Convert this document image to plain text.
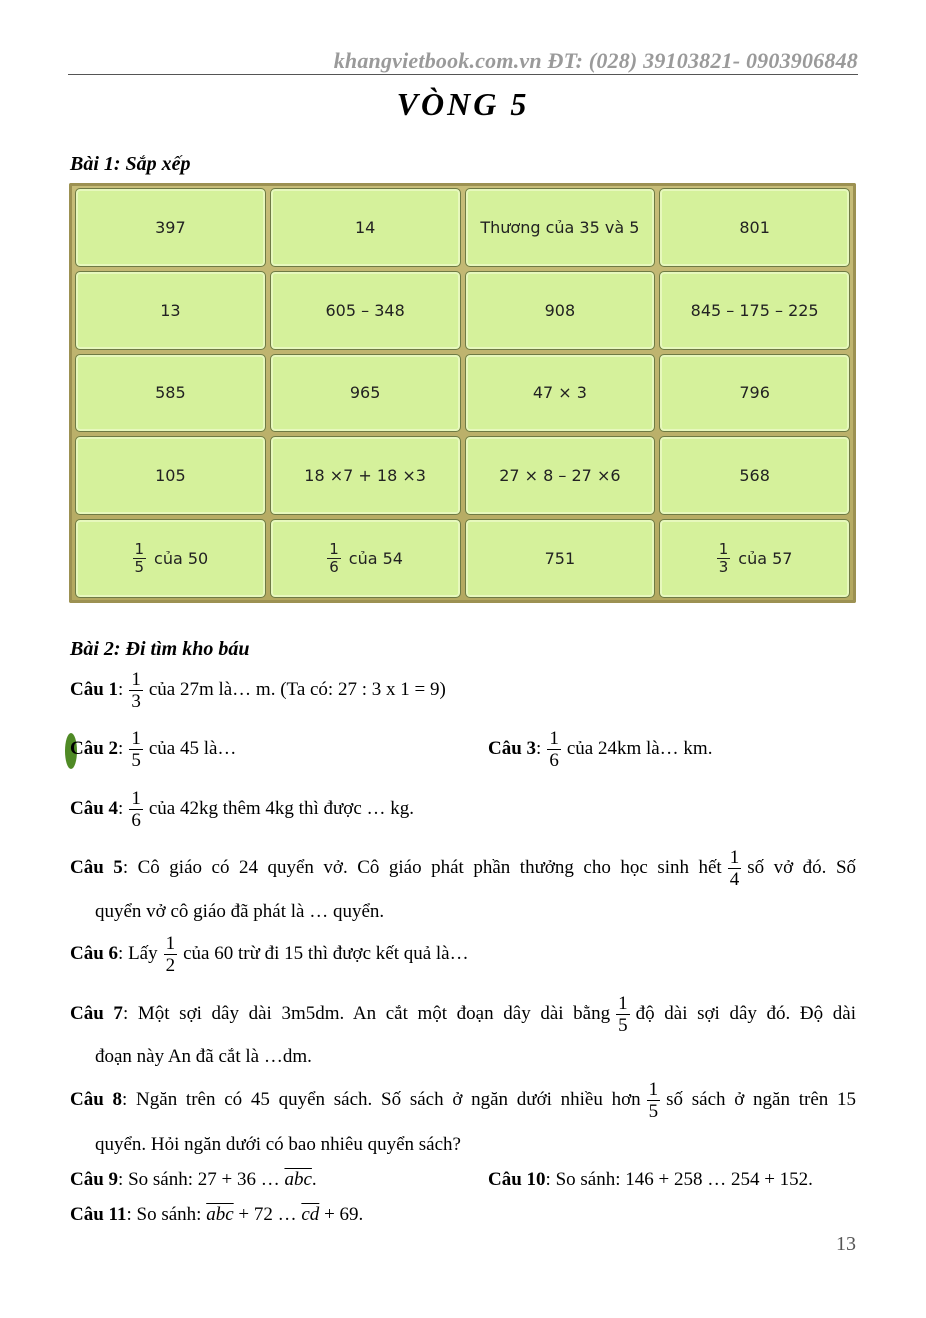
khangvietbook.com.vn ĐT: (028) 39103821- 0903906848
VÒNG 5
Bài 1: Sắp xếp
397	14	Thương của 35 và 5	801
13	605 – 348	908	845 – 175 – 225
585	965	47 × 3	796
105	18 ×7 + 18 ×3	27 × 8 – 27 ×6	568
$\frac{1}{5}$ của 50	$\frac{1}{6}$ của 54	751	$\frac{1}{3}$ của 57
Bài 2: Đi tìm kho báu
Câu 1: $\frac{1}{3}$ của 27m là… m. (Ta có: 27 : 3 x 1 = 9)
Câu 2: $\frac{1}{5}$ của 45 là…	Câu 3: $\frac{1}{6}$ của 24km là… km.
Câu 4: $\frac{1}{6}$ của 42kg thêm 4kg thì được … kg.
Câu 5: Cô giáo có 24 quyển vở. Cô giáo phát phần thưởng cho học sinh hết $\frac{1}{4}$ số vở đó. Số
quyển vở cô giáo đã phát là … quyển.
Câu 6: Lấy $\frac{1}{2}$ của 60 trừ đi 15 thì được kết quả là…
Câu 7: Một sợi dây dài 3m5dm. An cắt một đoạn dây dài bằng $\frac{1}{5}$ độ dài sợi dây đó. Độ dài
đoạn này An đã cắt là …dm.
Câu 8: Ngăn trên có 45 quyển sách. Số sách ở ngăn dưới nhiều hơn $\frac{1}{5}$ số sách ở ngăn trên 15
quyển. Hỏi ngăn dưới có bao nhiêu quyển sách?
Câu 9: So sánh: 27 + 36 … $\overline{abc}$.	Câu 10: So sánh: 146 + 258 … 254 + 152.
Câu 11: So sánh: $\overline{abc} + 72$ … $\overline{cd} + 69$.
13
